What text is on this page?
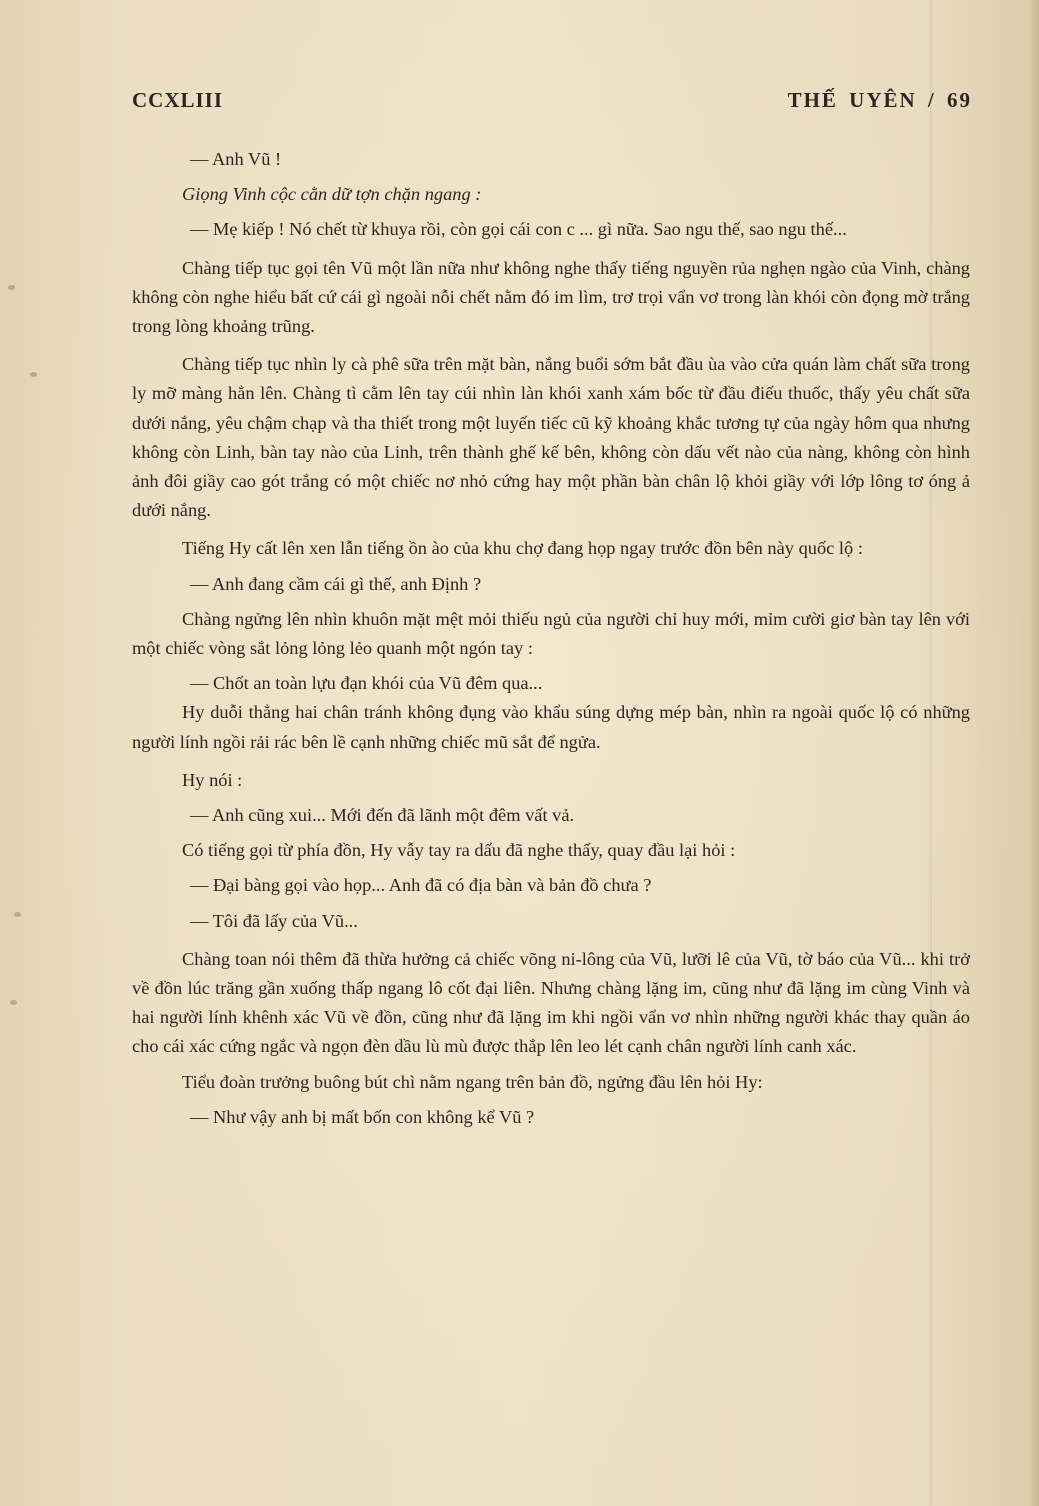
CCXLIII	THẾ UYÊN / 69

— Anh Vũ !

Giọng Vinh cộc cằn dữ tợn chặn ngang :

— Mẹ kiếp ! Nó chết từ khuya rồi, còn gọi cái con c ... gì nữa. Sao ngu thế, sao ngu thế...

Chàng tiếp tục gọi tên Vũ một lần nữa như không nghe thấy tiếng nguyền rủa nghẹn ngào của Vinh, chàng không còn nghe hiểu bất cứ cái gì ngoài nỗi chết nằm đó im lìm, trơ trọi vẩn vơ trong làn khói còn đọng mờ trắng trong lòng khoảng trũng.

Chàng tiếp tục nhìn ly cà phê sữa trên mặt bàn, nắng buổi sớm bắt đầu ùa vào cửa quán làm chất sữa trong ly mỡ màng hẳn lên. Chàng tì cằm lên tay cúi nhìn làn khói xanh xám bốc từ đầu điếu thuốc, thấy yêu chất sữa dưới nắng, yêu chậm chạp và tha thiết trong một luyến tiếc cũ kỹ khoảng khắc tương tự của ngày hôm qua nhưng không còn Linh, bàn tay nào của Linh, trên thành ghế kế bên, không còn dấu vết nào của nàng, không còn hình ảnh đôi giầy cao gót trắng có một chiếc nơ nhỏ cứng hay một phần bàn chân lộ khỏi giầy với lớp lông tơ óng ả dưới nắng.

Tiếng Hy cất lên xen lẫn tiếng ồn ào của khu chợ đang họp ngay trước đồn bên này quốc lộ :

— Anh đang cầm cái gì thế, anh Định ?

Chàng ngửng lên nhìn khuôn mặt mệt mỏi thiếu ngủ của người chỉ huy mới, mỉm cười giơ bàn tay lên với một chiếc vòng sắt lỏng lỏng lẻo quanh một ngón tay :

— Chốt an toàn lựu đạn khói của Vũ đêm qua...

Hy duỗi thẳng hai chân tránh không đụng vào khẩu súng dựng mép bàn, nhìn ra ngoài quốc lộ có những người lính ngồi rải rác bên lề cạnh những chiếc mũ sắt để ngửa.

Hy nói :

— Anh cũng xui... Mới đến đã lãnh một đêm vất vả.

Có tiếng gọi từ phía đồn, Hy vẫy tay ra dấu đã nghe thấy, quay đầu lại hỏi :

— Đại bàng gọi vào họp... Anh đã có địa bàn và bản đồ chưa ?

— Tôi đã lấy của Vũ...

Chàng toan nói thêm đã thừa hưởng cả chiếc võng ni-lông của Vũ, lưỡi lê của Vũ, tờ báo của Vũ... khi trở về đồn lúc trăng gần xuống thấp ngang lô cốt đại liên. Nhưng chàng lặng im, cũng như đã lặng im cùng Vinh và hai người lính khênh xác Vũ về đồn, cũng như đã lặng im khi ngồi vẩn vơ nhìn những người khác thay quần áo cho cái xác cứng ngắc và ngọn đèn dầu lù mù được thắp lên leo lét cạnh chân người lính canh xác.

Tiểu đoàn trưởng buông bút chì nằm ngang trên bản đồ, ngửng đầu lên hỏi Hy:

— Như vậy anh bị mất bốn con không kể Vũ ?
